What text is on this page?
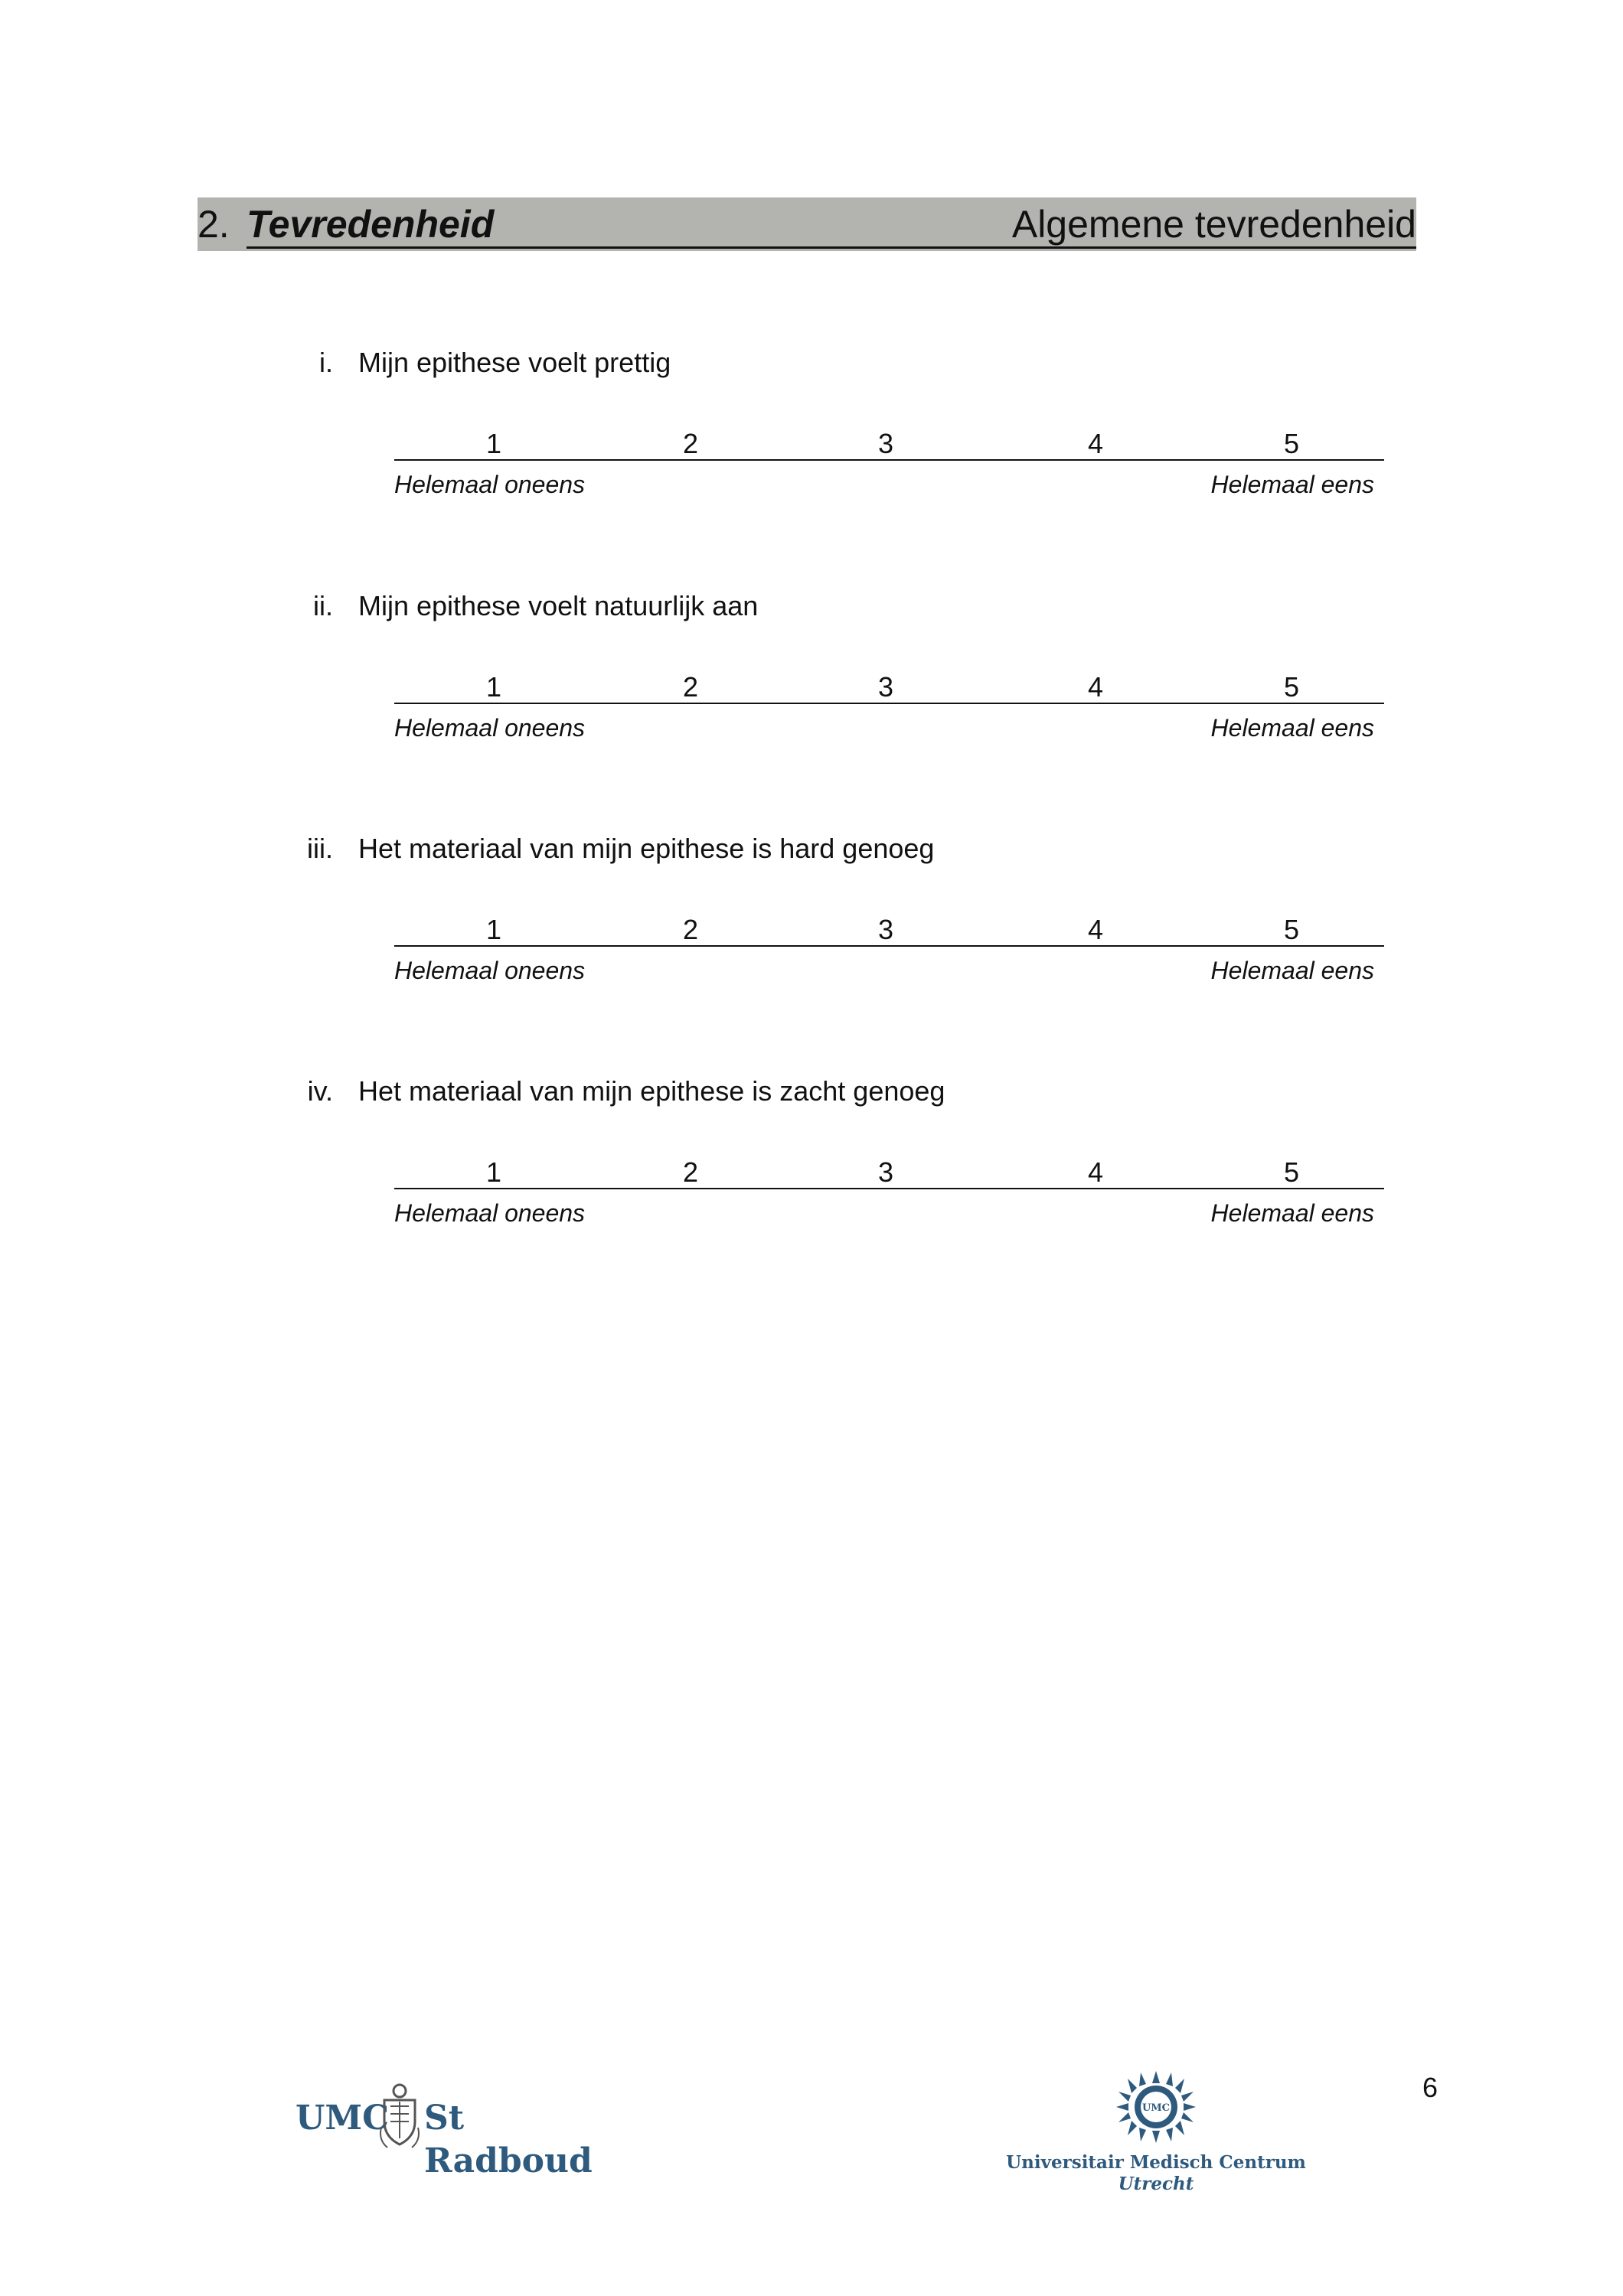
2. Tevredenheid	Algemene tevredenheid
i. Mijn epithese voelt prettig
1	2	3	4	5
Helemaal oneens	Helemaal eens
ii. Mijn epithese voelt natuurlijk aan
1	2	3	4	5
Helemaal oneens	Helemaal eens
iii. Het materiaal van mijn epithese is hard genoeg
1	2	3	4	5
Helemaal oneens	Helemaal eens
iv. Het materiaal van mijn epithese is zacht genoeg
1	2	3	4	5
Helemaal oneens	Helemaal eens
6
UMC St Radboud
UMC
Universitair Medisch Centrum
Utrecht
